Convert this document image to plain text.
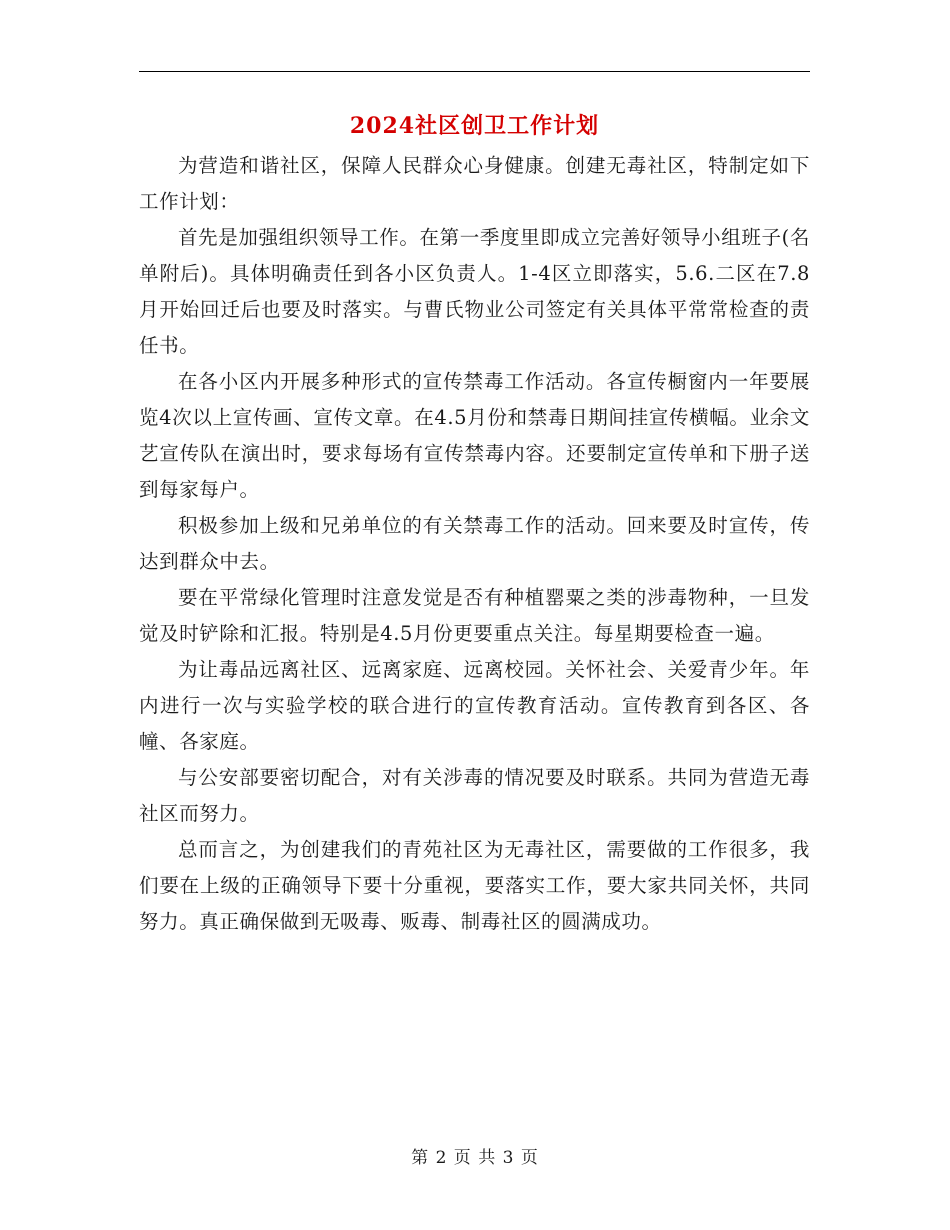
2024社区创卫工作计划

为营造和谐社区，保障人民群众心身健康。创建无毒社区，特制定如下工作计划：

首先是加强组织领导工作。在第一季度里即成立完善好领导小组班子(名单附后)。具体明确责任到各小区负责人。1-4区立即落实，5.6.二区在7.8月开始回迁后也要及时落实。与曹氏物业公司签定有关具体平常常检查的责任书。

在各小区内开展多种形式的宣传禁毒工作活动。各宣传橱窗内一年要展览4次以上宣传画、宣传文章。在4.5月份和禁毒日期间挂宣传横幅。业余文艺宣传队在演出时，要求每场有宣传禁毒内容。还要制定宣传单和下册子送到每家每户。

积极参加上级和兄弟单位的有关禁毒工作的活动。回来要及时宣传，传达到群众中去。

要在平常绿化管理时注意发觉是否有种植罂粟之类的涉毒物种，一旦发觉及时铲除和汇报。特别是4.5月份更要重点关注。每星期要检查一遍。

为让毒品远离社区、远离家庭、远离校园。关怀社会、关爱青少年。年内进行一次与实验学校的联合进行的宣传教育活动。宣传教育到各区、各幢、各家庭。

与公安部要密切配合，对有关涉毒的情况要及时联系。共同为营造无毒社区而努力。

总而言之，为创建我们的青苑社区为无毒社区，需要做的工作很多，我们要在上级的正确领导下要十分重视，要落实工作，要大家共同关怀，共同努力。真正确保做到无吸毒、贩毒、制毒社区的圆满成功。

第 2 页 共 3 页
